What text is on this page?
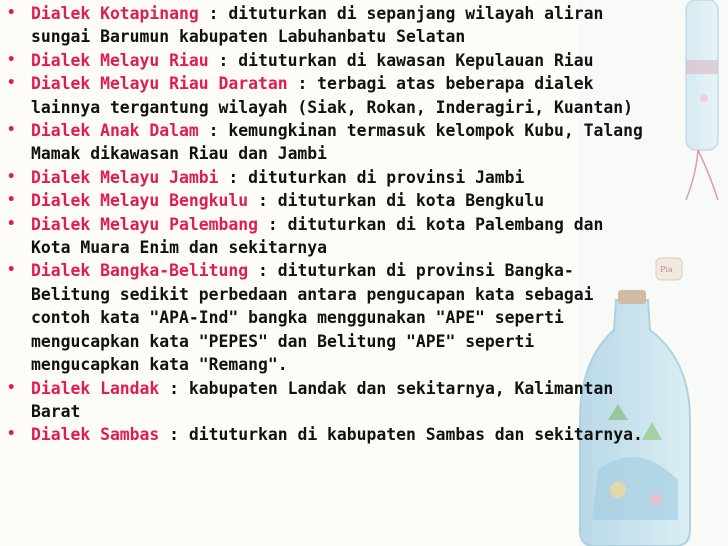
Pia
• Dialek Kotapinang : dituturkan di sepanjang wilayah aliran sungai Barumun kabupaten Labuhanbatu Selatan
• Dialek Melayu Riau : dituturkan di kawasan Kepulauan Riau
• Dialek Melayu Riau Daratan : terbagi atas beberapa dialek lainnya tergantung wilayah (Siak, Rokan, Inderagiri, Kuantan)
• Dialek Anak Dalam : kemungkinan termasuk kelompok Kubu, Talang Mamak dikawasan Riau dan Jambi
• Dialek Melayu Jambi : dituturkan di provinsi Jambi
• Dialek Melayu Bengkulu : dituturkan di kota Bengkulu
• Dialek Melayu Palembang : dituturkan di kota Palembang dan Kota Muara Enim dan sekitarnya
• Dialek Bangka-Belitung : dituturkan di provinsi Bangka-Belitung sedikit perbedaan antara pengucapan kata sebagai contoh kata "APA-Ind" bangka menggunakan "APE" seperti mengucapkan kata "PEPES" dan Belitung "APE" seperti mengucapkan kata "Remang".
• Dialek Landak : kabupaten Landak dan sekitarnya, Kalimantan Barat
• Dialek Sambas : dituturkan di kabupaten Sambas dan sekitarnya.
